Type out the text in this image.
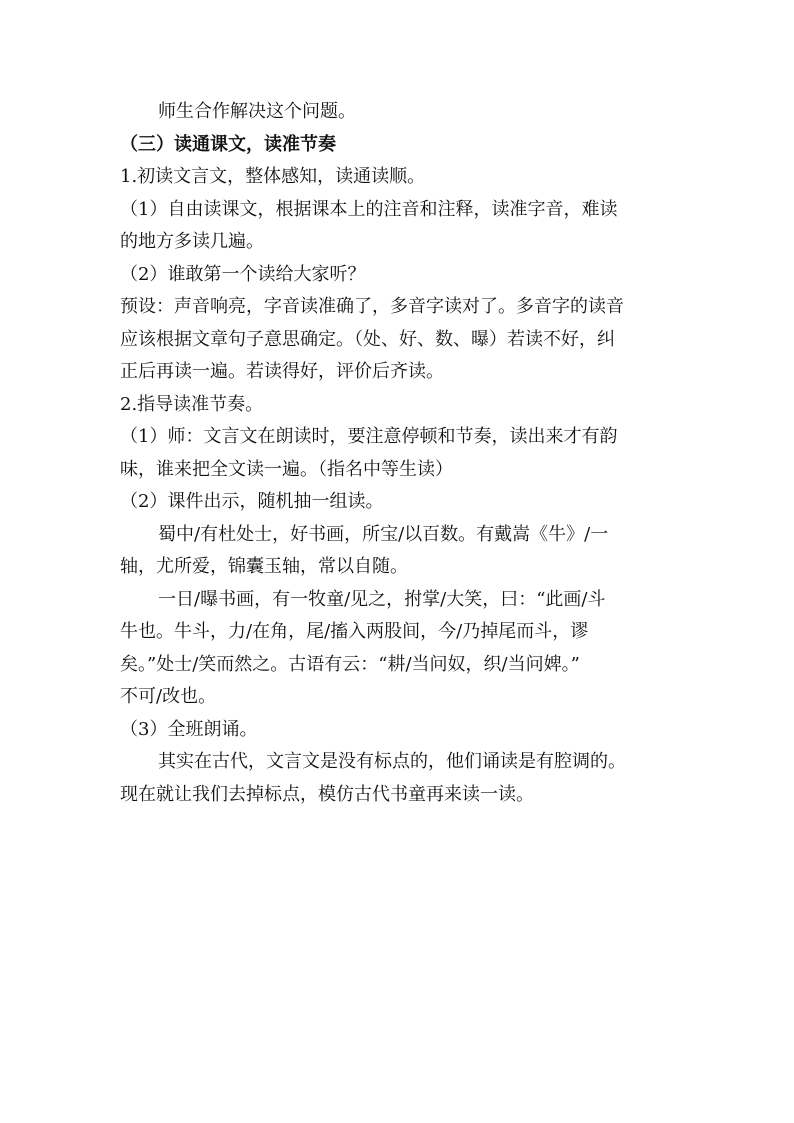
师生合作解决这个问题。

（三）读通课文，读准节奏

1.初读文言文，整体感知，读通读顺。

（1）自由读课文，根据课本上的注音和注释，读准字音，难读

的地方多读几遍。

（2）谁敢第一个读给大家听？

预设：声音响亮，字音读准确了，多音字读对了。多音字的读音

应该根据文章句子意思确定。（处、好、数、曝）若读不好，纠

正后再读一遍。若读得好，评价后齐读。

2.指导读准节奏。

（1）师：文言文在朗读时，要注意停顿和节奏，读出来才有韵

味，谁来把全文读一遍。（指名中等生读）

（2）课件出示，随机抽一组读。

蜀中/有杜处士，好书画，所宝/以百数。有戴嵩《牛》/一

轴，尤所爱，锦囊玉轴，常以自随。

一日/曝书画，有一牧童/见之，拊掌/大笑，曰：“此画/斗

牛也。牛斗，力/在角，尾/搐入两股间，今/乃掉尾而斗，谬

矣。”处士/笑而然之。古语有云：“耕/当问奴，织/当问婢。”

不可/改也。

（3）全班朗诵。

其实在古代，文言文是没有标点的，他们诵读是有腔调的。

现在就让我们去掉标点，模仿古代书童再来读一读。
